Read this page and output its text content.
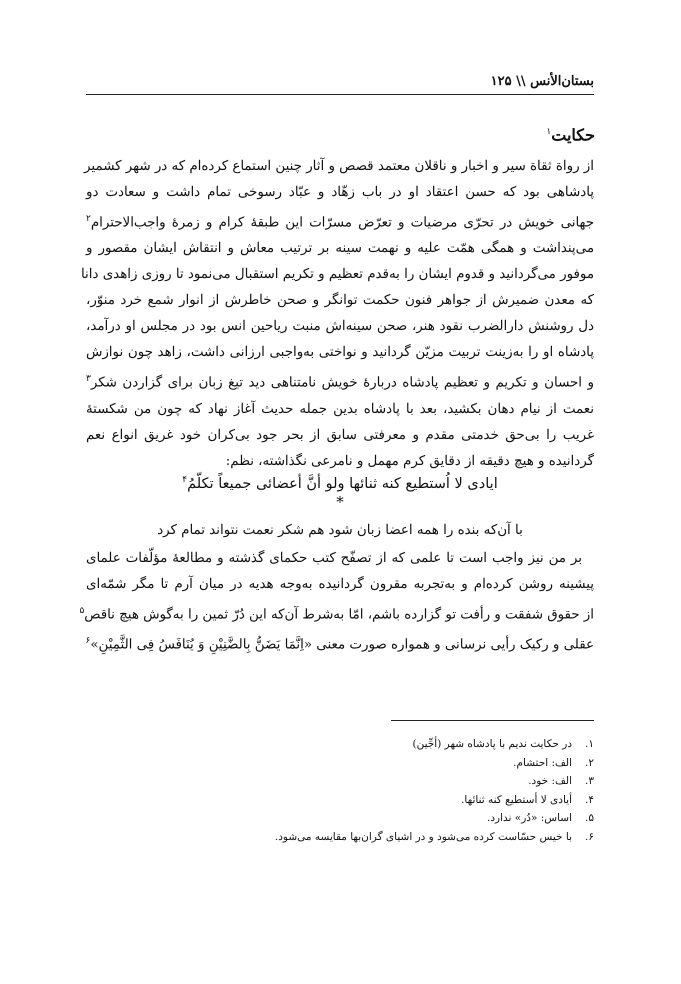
بستان‌الأنس \\ ۱۲۵
حکایت$^۱$
از رواة ثقاة سیر و اخبار و ناقلان معتمد قصص و آثار چنین استماع کرده‌ام که در شهر کشمیر
پادشاهی بود که حسن اعتقاد او در باب زهّاد و عبّاد رسوخی تمام داشت و سعادت دو
جهانی خویش در تحرّی مرضیات و تعرّض مسرّات این طبقهٔ کرام و زمرهٔ واجب‌الاحترام$^۲$
می‌پنداشت و همگی همّت علیه و نهمت سینه بر ترتیب معاش و انتقاش ایشان مقصور و
موفور می‌گردانید و قدوم ایشان را به‌قدم تعظیم و تکریم استقبال می‌نمود تا روزی زاهدی دانا
که معدن ضمیرش از جواهر فنون حکمت توانگر و صحن خاطرش از انوار شمع خرد منوّر،
دل روشنش دارالضرب نقود هنر، صحن سینه‌اش منبت ریاحین انس بود در مجلس او درآمد،
پادشاه او را به‌زینت تربیت مزیّن گردانید و نواختی به‌واجبی ارزانی داشت، زاهد چون نوازش
و احسان و تکریم و تعظیم پادشاه دربارهٔ خویش نامتناهی دید تیغ زبان برای گزاردن شکر$^۳$
نعمت از نیام دهان بکشید، بعد با پادشاه بدین جمله حدیث آغاز نهاد که چون من شکستهٔ
غریب را بی‌حق خدمتی مقدم و معرفتی سابق از بحر جود بی‌کران خود غریق انواع نعم
گردانیده و هیچ دقیقه از دقایق کرم مهمل و نامرعی نگذاشته، نظم:
ایادی لا اُستطیع کنه ثنائها ولو أنَّ أعضائی جمیعاً تکلّمُ$^۴$
*
با آن‌که بنده را همه اعضا زبان شود هم شکر نعمت نتواند تمام کرد
بر من نیز واجب است تا علمی که از تصفّح کتب حکمای گذشته و مطالعهٔ مؤلّفات علمای
پیشینه روشن کرده‌ام و به‌تجربه مقرون گردانیده به‌وجه هدیه در میان آرم تا مگر شمّه‌ای
از حقوق شفقت و رأفت تو گزارده باشم، امّا به‌شرط آن‌که این دُرّ ثمین را به‌گوش هیچ ناقص$^۵$
عقلی و رکیک رأیی نرسانی و همواره صورت معنی «اِنَّمَا یَضَنُّ بِالضَّنِیْنِ وَ یُنَافَسُ فِی الثَّمِیْنِ»$^۶$
۱.در حکایت ندیم با پادشاه شهر (أجِّین)
۲.الف: احتشام.
۳.الف: خود.
۴.أیادی لا أستطیع کنه ثنائها.
۵.اساس: «دُر» ندارد.
۶.با خیس حسّاست کرده می‌شود و در اشیای گران‌بها مقایسه می‌شود.
